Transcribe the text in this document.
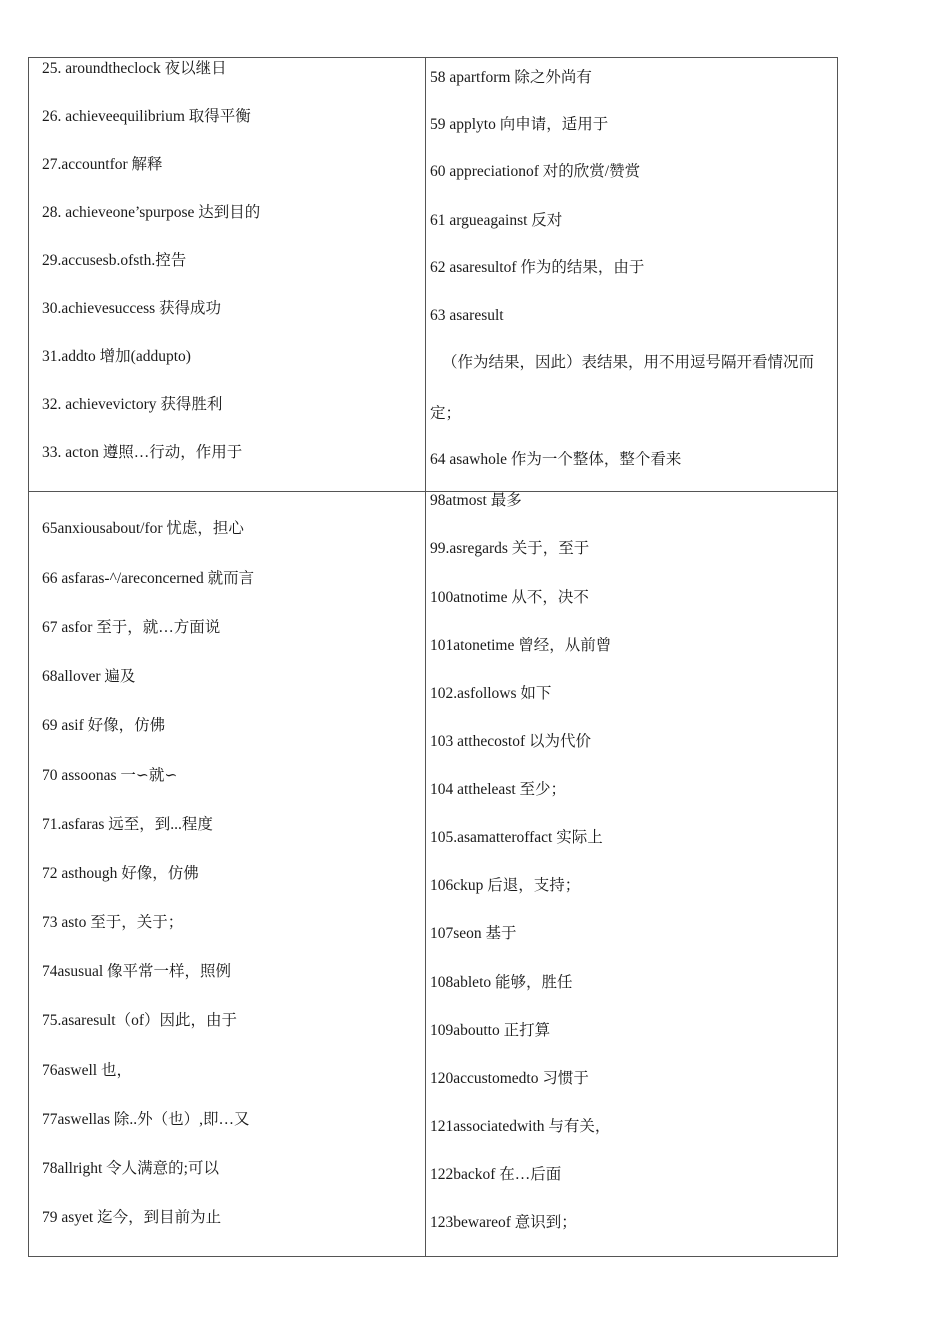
25. aroundtheclock 夜以继日
26. achieveequilibrium 取得平衡
27.accountfor 解释
28. achieveone’spurpose 达到目的
29.accusesb.ofsth.控告
30.achievesuccess 获得成功
31.addto 增加(addupto)
32. achievevictory 获得胜利
33. acton 遵照…行动，作用于
58 apartform 除之外尚有
59 applyto 向申请，适用于
60 appreciationof 对的欣赏/赞赏
61 argueagainst 反对
62 asaresultof 作为的结果，由于
63 asaresult
（作为结果，因此）表结果，用不用逗号隔开看情况而
定；
64 asawhole 作为一个整体，整个看来
65anxiousabout/for 忧虑，担心
66 asfaras-^/areconcerned 就而言
67 asfor 至于，就…方面说
68allover 遍及
69 asif 好像，仿佛
70 assoonas 一∽就∽
71.asfaras 远至，到...程度
72 asthough 好像，仿佛
73 asto 至于，关于；
74asusual 像平常一样，照例
75.asaresult（of）因此，由于
76aswell 也，
77aswellas 除..外（也）,即…又
78allright 令人满意的;可以
79 asyet 迄今，到目前为止
98atmost 最多
99.asregards 关于，至于
100atnotime 从不，决不
101atonetime 曾经，从前曾
102.asfollows 如下
103 atthecostof 以为代价
104 attheleast 至少；
105.asamatteroffact 实际上
106ckup 后退，支持；
107seon 基于
108ableto 能够，胜任
109aboutto 正打算
120accustomedto 习惯于
121associatedwith 与有关，
122backof 在…后面
123bewareof 意识到；
